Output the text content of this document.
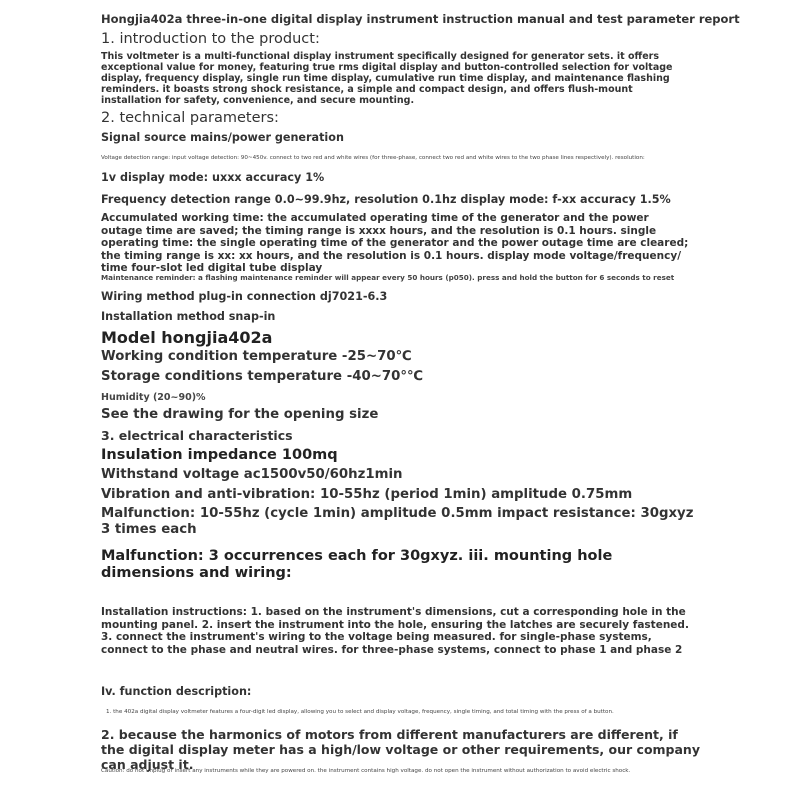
Hongjia402a three-in-one digital display instrument instruction manual and test parameter report

1. introduction to the product:

This voltmeter is a multi-functional display instrument specifically designed for generator sets. it offers exceptional value for money, featuring true rms digital display and button-controlled selection for voltage display, frequency display, single run time display, cumulative run time display, and maintenance flashing reminders. it boasts strong shock resistance, a simple and compact design, and offers flush-mount installation for safety, convenience, and secure mounting.

2. technical parameters:

Signal source mains/power generation

Voltage detection range: input voltage detection: 90~450v. connect to two red and white wires (for three-phase, connect two red and white wires to the two phase lines respectively). resolution:

1v display mode: uxxx accuracy 1%

Frequency detection range 0.0~99.9hz, resolution 0.1hz display mode: f-xx accuracy 1.5%

Accumulated working time: the accumulated operating time of the generator and the power outage time are saved; the timing range is xxxx hours, and the resolution is 0.1 hours. single operating time: the single operating time of the generator and the power outage time are cleared; the timing range is xx: xx hours, and the resolution is 0.1 hours. display mode voltage/frequency/ time four-slot led digital tube display

Maintenance reminder: a flashing maintenance reminder will appear every 50 hours (p050). press and hold the button for 6 seconds to reset

Wiring method plug-in connection dj7021-6.3

Installation method snap-in

Model hongjia402a

Working condition temperature -25~70℃

Storage conditions temperature -40~70°℃

Humidity (20~90)%

See the drawing for the opening size

3. electrical characteristics

Insulation impedance 100mq

Withstand voltage ac1500v50/60hz1min

Vibration and anti-vibration: 10-55hz (period 1min) amplitude 0.75mm

Malfunction: 10-55hz (cycle 1min) amplitude 0.5mm impact resistance: 30gxyz 3 times each

Malfunction: 3 occurrences each for 30gxyz. iii. mounting hole dimensions and wiring:

Installation instructions: 1. based on the instrument's dimensions, cut a corresponding hole in the mounting panel. 2. insert the instrument into the hole, ensuring the latches are securely fastened. 3. connect the instrument's wiring to the voltage being measured. for single-phase systems, connect to the phase and neutral wires. for three-phase systems, connect to phase 1 and phase 2

Iv. function description:

1. the 402a digital display voltmeter features a four-digit led display, allowing you to select and display voltage, frequency, single timing, and total timing with the press of a button.

2. because the harmonics of motors from different manufacturers are different, if the digital display meter has a high/low voltage or other requirements, our company can adjust it.

Caution: do not unplug or insert any instruments while they are powered on. the instrument contains high voltage. do not open the instrument without authorization to avoid electric shock.
